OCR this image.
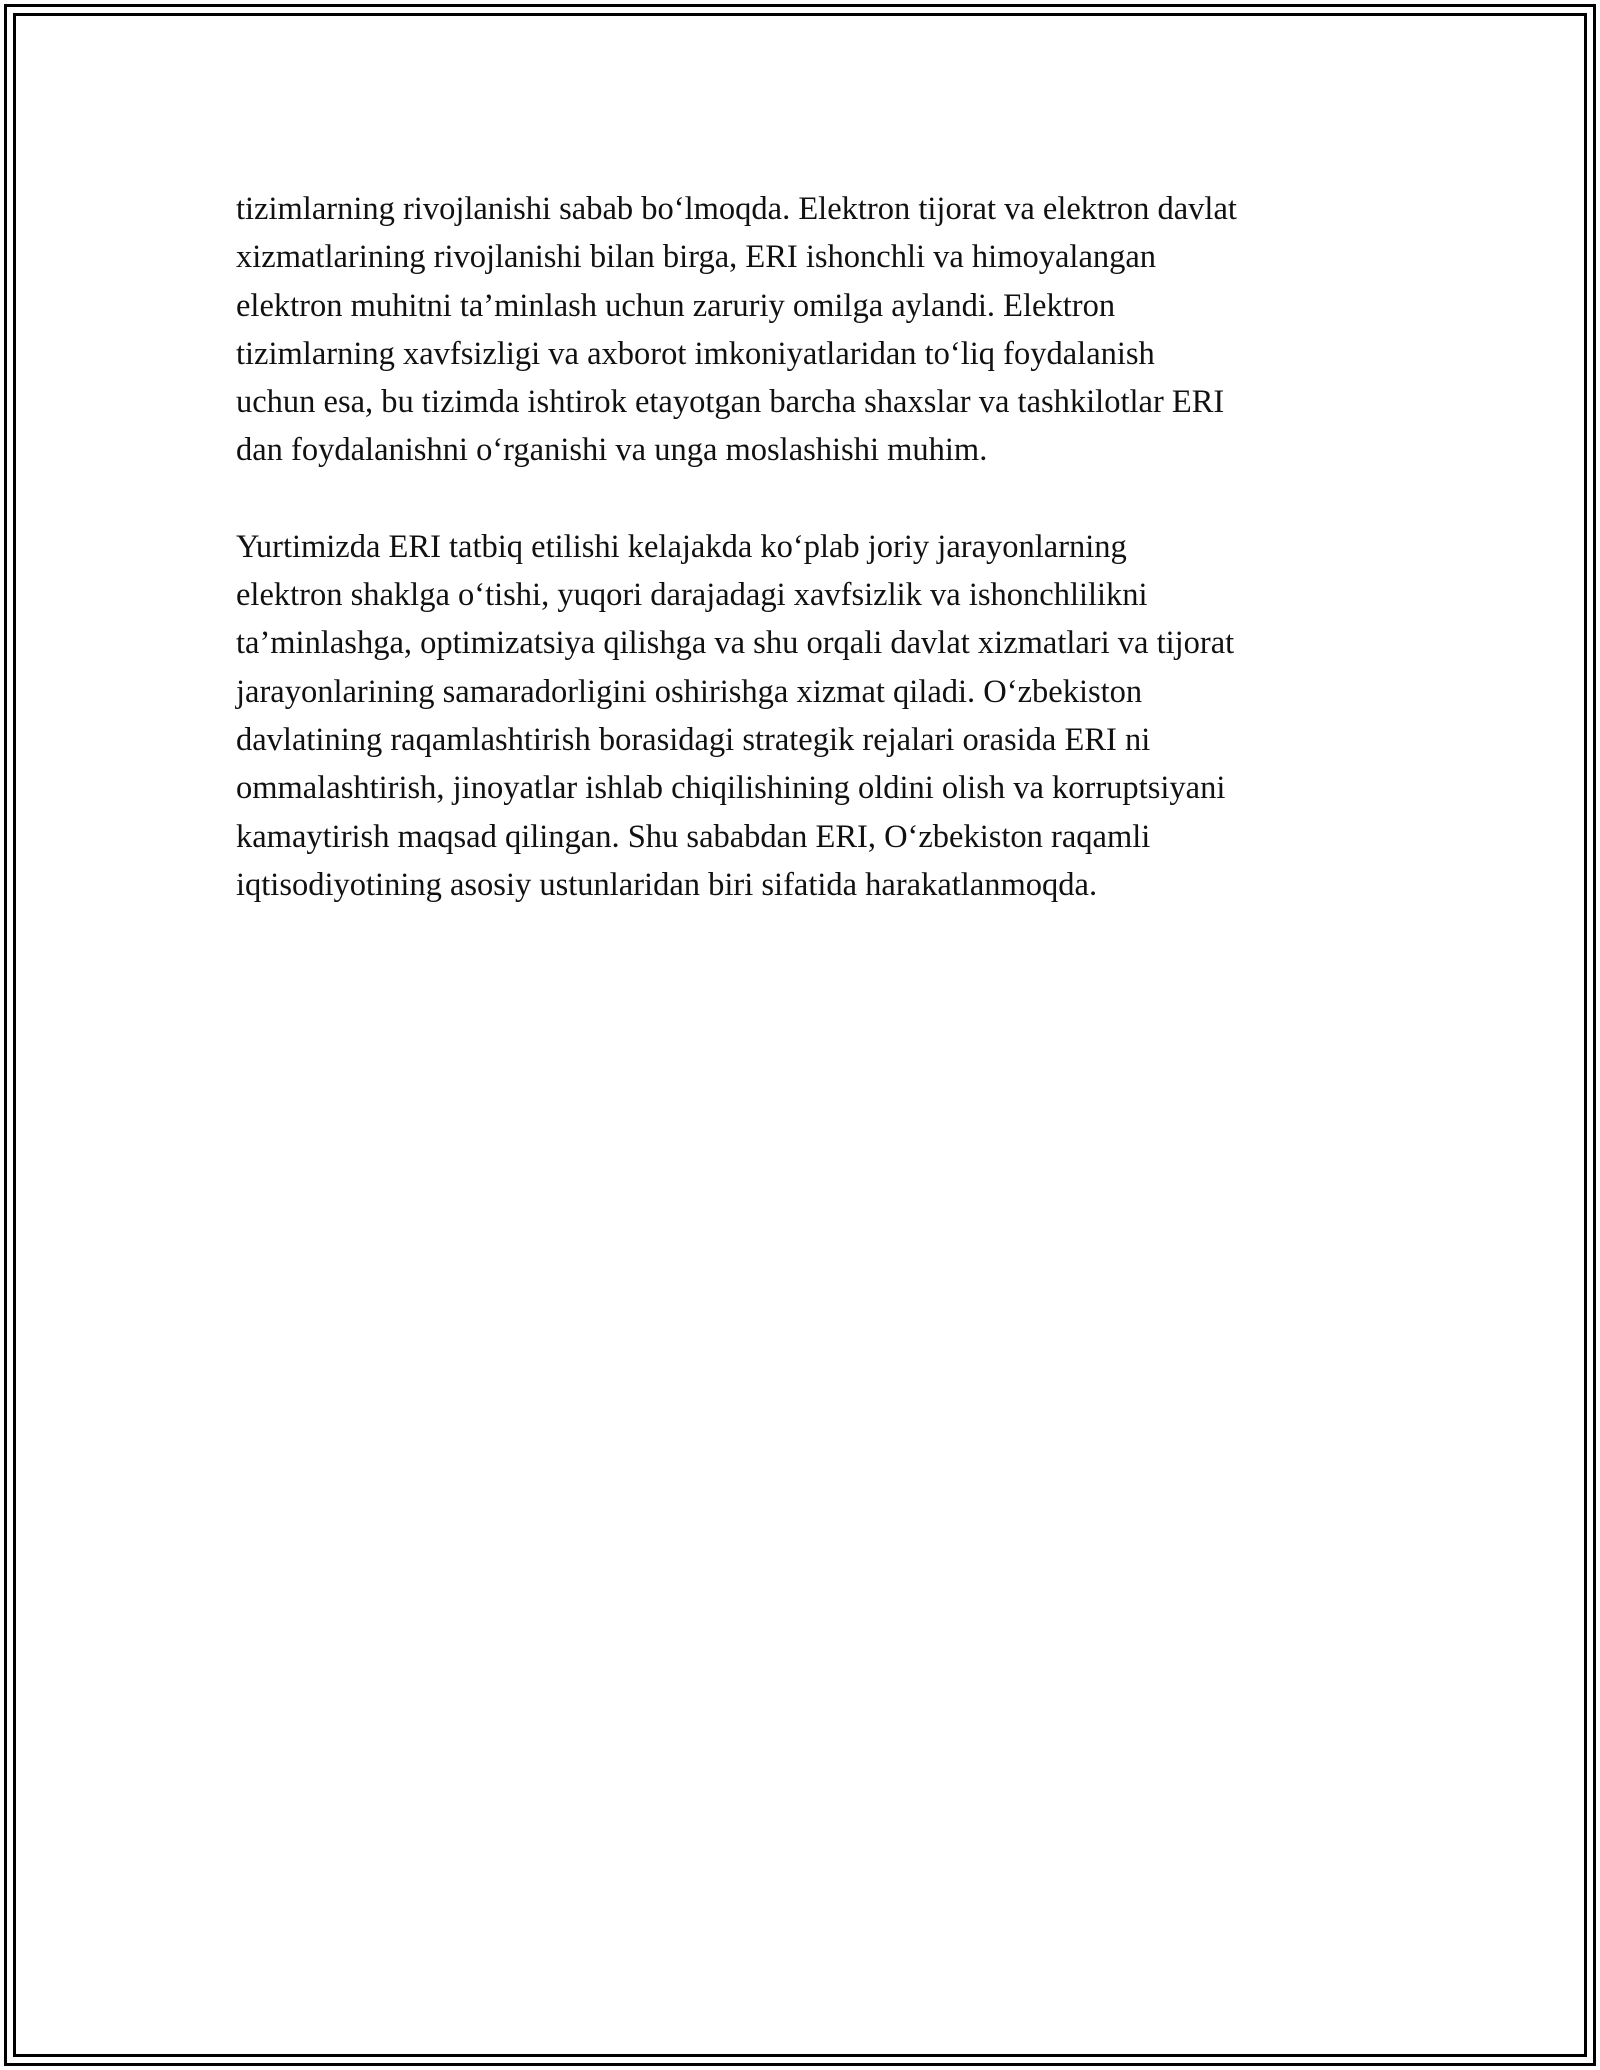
tizimlarning rivojlanishi sabab bo‘lmoqda. Elektron tijorat va elektron davlat
xizmatlarining rivojlanishi bilan birga, ERI ishonchli va himoyalangan
elektron muhitni ta’minlash uchun zaruriy omilga aylandi. Elektron
tizimlarning xavfsizligi va axborot imkoniyatlaridan to‘liq foydalanish
uchun esa, bu tizimda ishtirok etayotgan barcha shaxslar va tashkilotlar ERI
dan foydalanishni o‘rganishi va unga moslashishi muhim.

Yurtimizda ERI tatbiq etilishi kelajakda ko‘plab joriy jarayonlarning
elektron shaklga o‘tishi, yuqori darajadagi xavfsizlik va ishonchlilikni
ta’minlashga, optimizatsiya qilishga va shu orqali davlat xizmatlari va tijorat
jarayonlarining samaradorligini oshirishga xizmat qiladi. O‘zbekiston
davlatining raqamlashtirish borasidagi strategik rejalari orasida ERI ni
ommalashtirish, jinoyatlar ishlab chiqilishining oldini olish va korruptsiyani
kamaytirish maqsad qilingan. Shu sababdan ERI, O‘zbekiston raqamli
iqtisodiyotining asosiy ustunlaridan biri sifatida harakatlanmoqda.
